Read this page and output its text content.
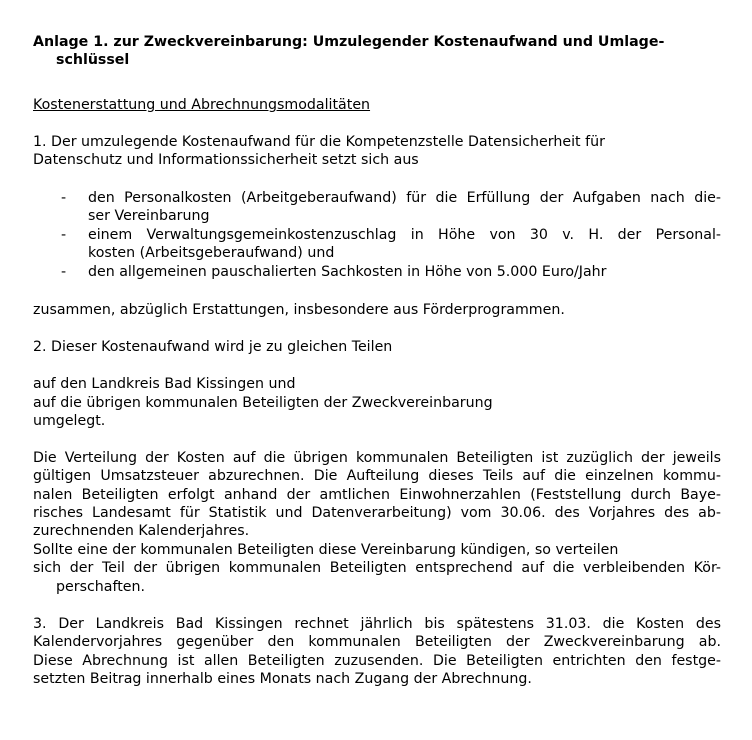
Anlage 1. zur Zweckvereinbarung: Umzulegender Kostenaufwand und Umlage-
schlüssel
Kostenerstattung und Abrechnungsmodalitäten
1. Der umzulegende Kostenaufwand für die Kompetenzstelle Datensicherheit für
Datenschutz und Informationssicherheit setzt sich aus
- den Personalkosten (Arbeitgeberaufwand) für die Erfüllung der Aufgaben nach die-
ser Vereinbarung
- einem Verwaltungsgemeinkostenzuschlag in Höhe von 30 v. H. der Personal-
kosten (Arbeitsgeberaufwand) und
- den allgemeinen pauschalierten Sachkosten in Höhe von 5.000 Euro/Jahr
zusammen, abzüglich Erstattungen, insbesondere aus Förderprogrammen.
2. Dieser Kostenaufwand wird je zu gleichen Teilen
auf den Landkreis Bad Kissingen und
auf die übrigen kommunalen Beteiligten der Zweckvereinbarung
umgelegt.
Die Verteilung der Kosten auf die übrigen kommunalen Beteiligten ist zuzüglich der jeweils
gültigen Umsatzsteuer abzurechnen. Die Aufteilung dieses Teils auf die einzelnen kommu-
nalen Beteiligten erfolgt anhand der amtlichen Einwohnerzahlen (Feststellung durch Baye-
risches Landesamt für Statistik und Datenverarbeitung) vom 30.06. des Vorjahres des ab-
zurechnenden Kalenderjahres.
Sollte eine der kommunalen Beteiligten diese Vereinbarung kündigen, so verteilen
sich der Teil der übrigen kommunalen Beteiligten entsprechend auf die verbleibenden Kör-
perschaften.
3. Der Landkreis Bad Kissingen rechnet jährlich bis spätestens 31.03. die Kosten des
Kalendervorjahres gegenüber den kommunalen Beteiligten der Zweckvereinbarung ab.
Diese Abrechnung ist allen Beteiligten zuzusenden. Die Beteiligten entrichten den festge-
setzten Beitrag innerhalb eines Monats nach Zugang der Abrechnung.
